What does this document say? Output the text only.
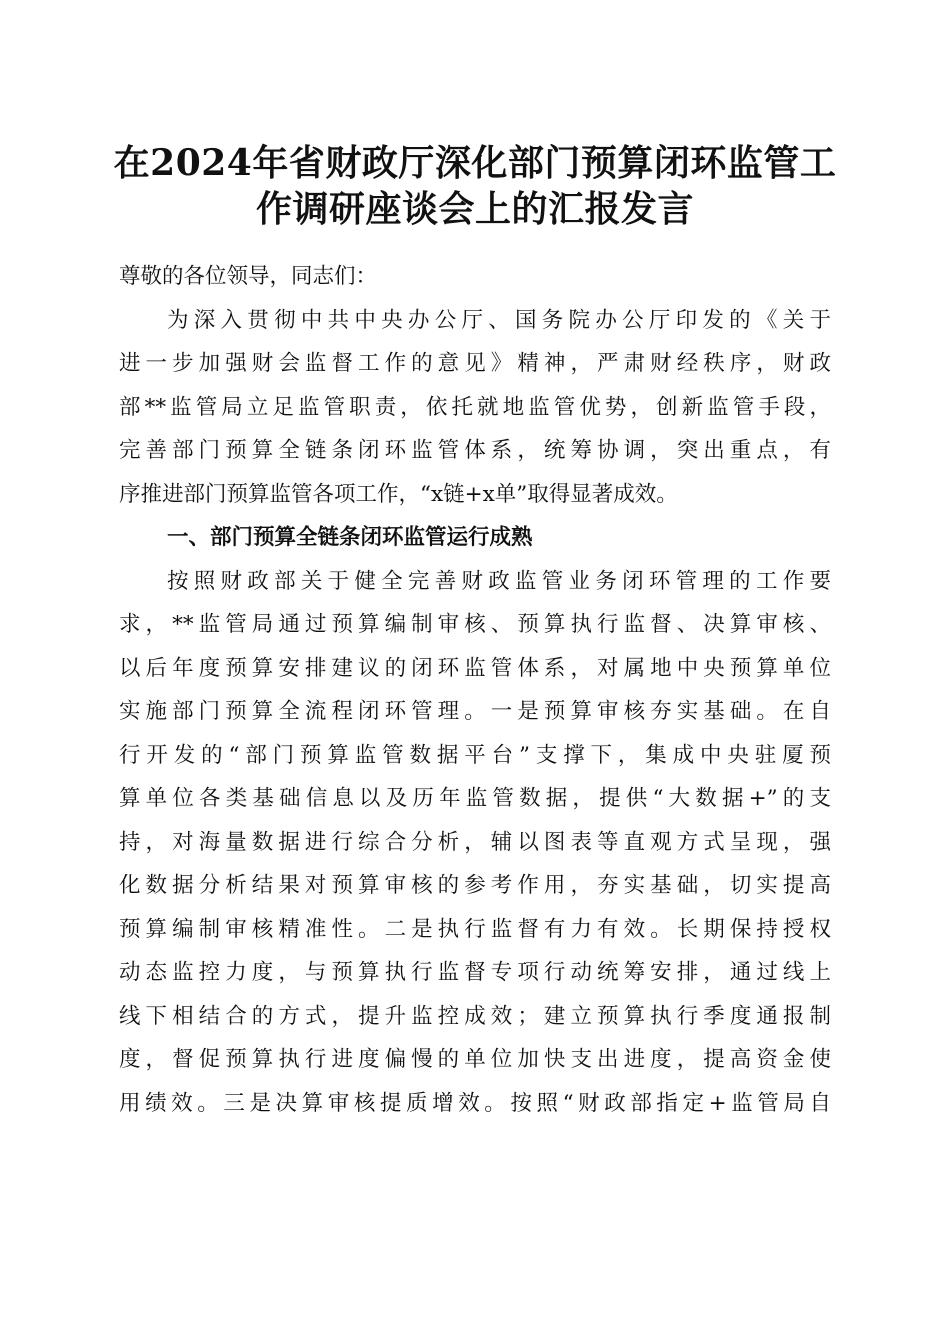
在2024年省财政厅深化部门预算闭环监管工
作调研座谈会上的汇报发言
尊敬的各位领导，同志们：
为深入贯彻中共中央办公厅、国务院办公厅印发的《关于
进一步加强财会监督工作的意见》精神，严肃财经秩序，财政
部**监管局立足监管职责，依托就地监管优势，创新监管手段，
完善部门预算全链条闭环监管体系，统筹协调，突出重点，有
序推进部门预算监管各项工作，“x链+x单”取得显著成效。
一、部门预算全链条闭环监管运行成熟
按照财政部关于健全完善财政监管业务闭环管理的工作要
求，**监管局通过预算编制审核、预算执行监督、决算审核、
以后年度预算安排建议的闭环监管体系，对属地中央预算单位
实施部门预算全流程闭环管理。一是预算审核夯实基础。在自
行开发的“部门预算监管数据平台”支撑下，集成中央驻厦预
算单位各类基础信息以及历年监管数据，提供“大数据+”的支
持，对海量数据进行综合分析，辅以图表等直观方式呈现，强
化数据分析结果对预算审核的参考作用，夯实基础，切实提高
预算编制审核精准性。二是执行监督有力有效。长期保持授权
动态监控力度，与预算执行监督专项行动统筹安排，通过线上
线下相结合的方式，提升监控成效；建立预算执行季度通报制
度，督促预算执行进度偏慢的单位加快支出进度，提高资金使
用绩效。三是决算审核提质增效。按照“财政部指定+监管局自
